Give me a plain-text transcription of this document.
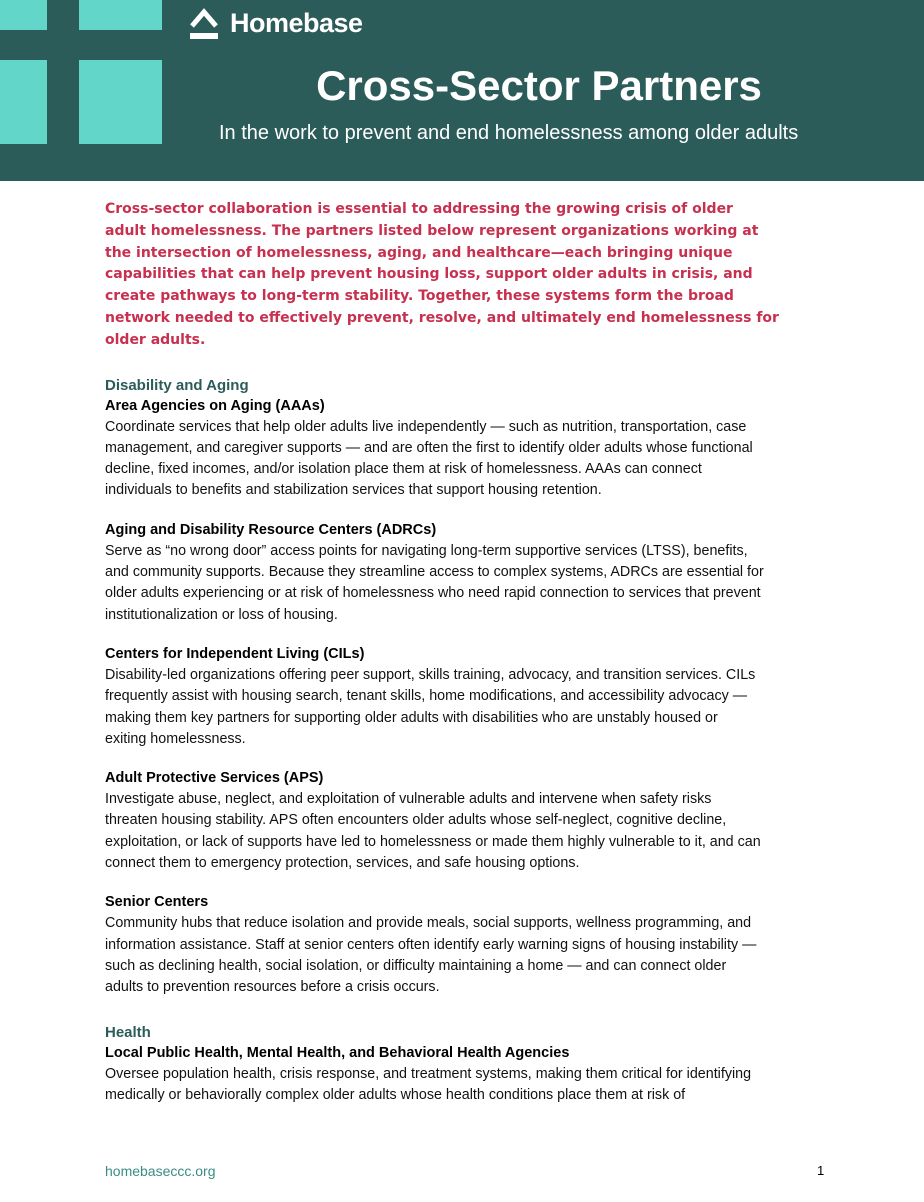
Homebase
Cross-Sector Partners
In the work to prevent and end homelessness among older adults
Cross-sector collaboration is essential to addressing the growing crisis of older
adult homelessness. The partners listed below represent organizations working at
the intersection of homelessness, aging, and healthcare—each bringing unique
capabilities that can help prevent housing loss, support older adults in crisis, and
create pathways to long-term stability. Together, these systems form the broad
network needed to effectively prevent, resolve, and ultimately end homelessness for
older adults.
Disability and Aging
Area Agencies on Aging (AAAs)
Coordinate services that help older adults live independently — such as nutrition, transportation, case
management, and caregiver supports — and are often the first to identify older adults whose functional
decline, fixed incomes, and/or isolation place them at risk of homelessness. AAAs can connect
individuals to benefits and stabilization services that support housing retention.
Aging and Disability Resource Centers (ADRCs)
Serve as “no wrong door” access points for navigating long-term supportive services (LTSS), benefits,
and community supports. Because they streamline access to complex systems, ADRCs are essential for
older adults experiencing or at risk of homelessness who need rapid connection to services that prevent
institutionalization or loss of housing.
Centers for Independent Living (CILs)
Disability-led organizations offering peer support, skills training, advocacy, and transition services. CILs
frequently assist with housing search, tenant skills, home modifications, and accessibility advocacy —
making them key partners for supporting older adults with disabilities who are unstably housed or
exiting homelessness.
Adult Protective Services (APS)
Investigate abuse, neglect, and exploitation of vulnerable adults and intervene when safety risks
threaten housing stability. APS often encounters older adults whose self-neglect, cognitive decline,
exploitation, or lack of supports have led to homelessness or made them highly vulnerable to it, and can
connect them to emergency protection, services, and safe housing options.
Senior Centers
Community hubs that reduce isolation and provide meals, social supports, wellness programming, and
information assistance. Staff at senior centers often identify early warning signs of housing instability —
such as declining health, social isolation, or difficulty maintaining a home — and can connect older
adults to prevention resources before a crisis occurs.
Health
Local Public Health, Mental Health, and Behavioral Health Agencies
Oversee population health, crisis response, and treatment systems, making them critical for identifying
medically or behaviorally complex older adults whose health conditions place them at risk of
homebaseccc.org	1
